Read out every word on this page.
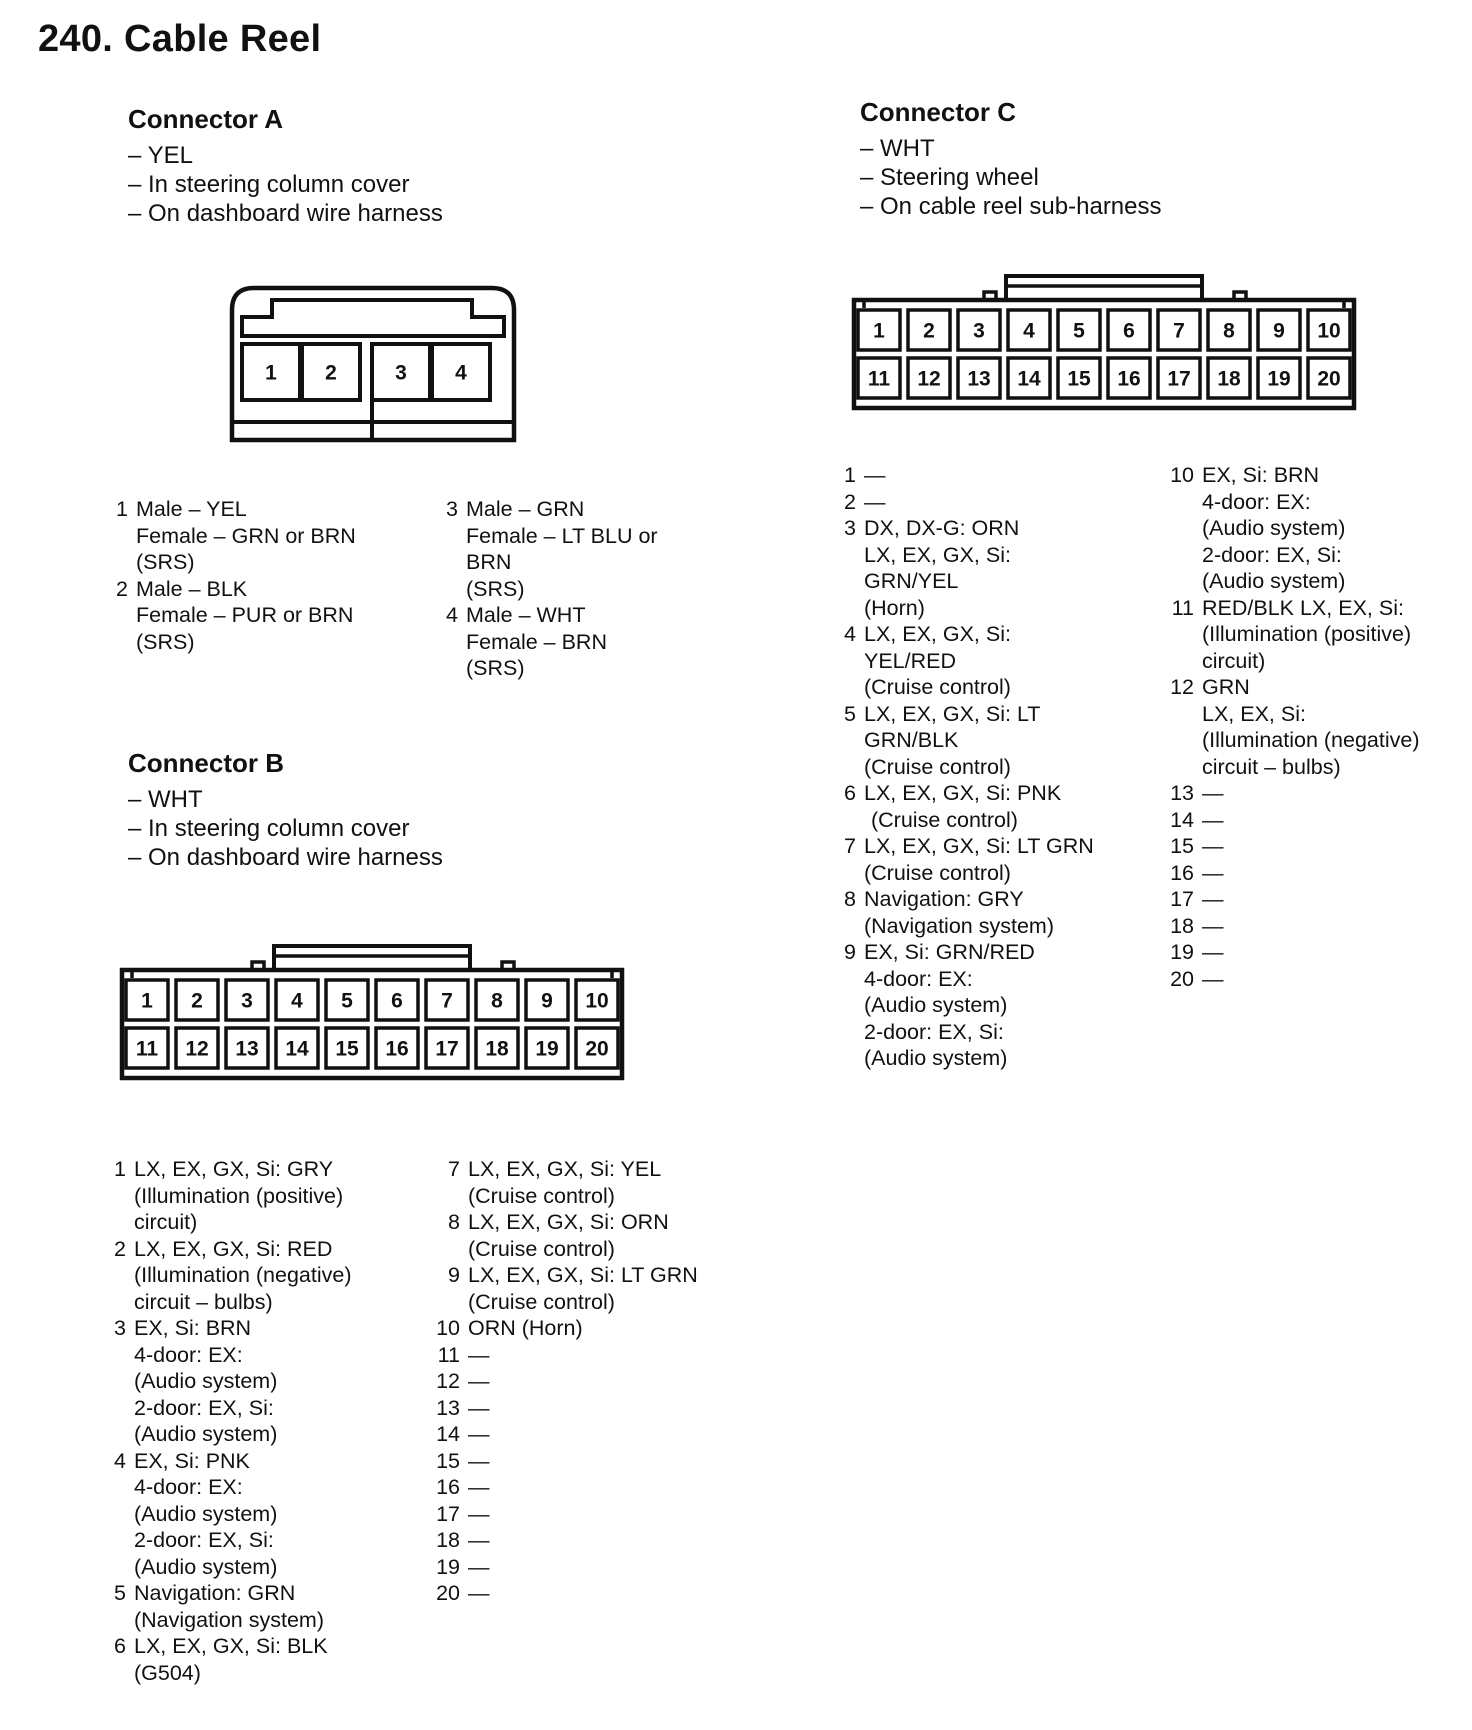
240. Cable Reel
Connector A
– YEL
– In steering column cover
– On dashboard wire harness
1 2	3 4
1 Male – YEL
Female – GRN or BRN
(SRS)
2 Male – BLK
Female – PUR or BRN
(SRS)
3 Male – GRN
Female – LT BLU or
BRN
(SRS)
4 Male – WHT
Female – BRN
(SRS)
Connector B
– WHT
– In steering column cover
– On dashboard wire harness
1 2 3 4 5 6 7 8 9 10
11 12 13 14 15 16 17 18 19 20
1 LX, EX, GX, Si: GRY
(Illumination (positive)
circuit)
2 LX, EX, GX, Si: RED
(Illumination (negative)
circuit – bulbs)
3 EX, Si: BRN
4-door: EX:
(Audio system)
2-door: EX, Si:
(Audio system)
4 EX, Si: PNK
4-door: EX:
(Audio system)
2-door: EX, Si:
(Audio system)
5 Navigation: GRN
(Navigation system)
6 LX, EX, GX, Si: BLK
(G504)
7 LX, EX, GX, Si: YEL
(Cruise control)
8 LX, EX, GX, Si: ORN
(Cruise control)
9 LX, EX, GX, Si: LT GRN
(Cruise control)
10 ORN (Horn)
11 —
12 —
13 —
14 —
15 —
16 —
17 —
18 —
19 —
20 —
Connector C
– WHT
– Steering wheel
– On cable reel sub-harness
1 2 3 4 5 6 7 8 9 10
11 12 13 14 15 16 17 18 19 20
1 —
2 —
3 DX, DX-G: ORN
LX, EX, GX, Si:
GRN/YEL
(Horn)
4 LX, EX, GX, Si:
YEL/RED
(Cruise control)
5 LX, EX, GX, Si: LT
GRN/BLK
(Cruise control)
6 LX, EX, GX, Si: PNK
(Cruise control)
7 LX, EX, GX, Si: LT GRN
(Cruise control)
8 Navigation: GRY
(Navigation system)
9 EX, Si: GRN/RED
4-door: EX:
(Audio system)
2-door: EX, Si:
(Audio system)
10 EX, Si: BRN
4-door: EX:
(Audio system)
2-door: EX, Si:
(Audio system)
11 RED/BLK LX, EX, Si:
(Illumination (positive)
circuit)
12 GRN
LX, EX, Si:
(Illumination (negative)
circuit – bulbs)
13 —
14 —
15 —
16 —
17 —
18 —
19 —
20 —
